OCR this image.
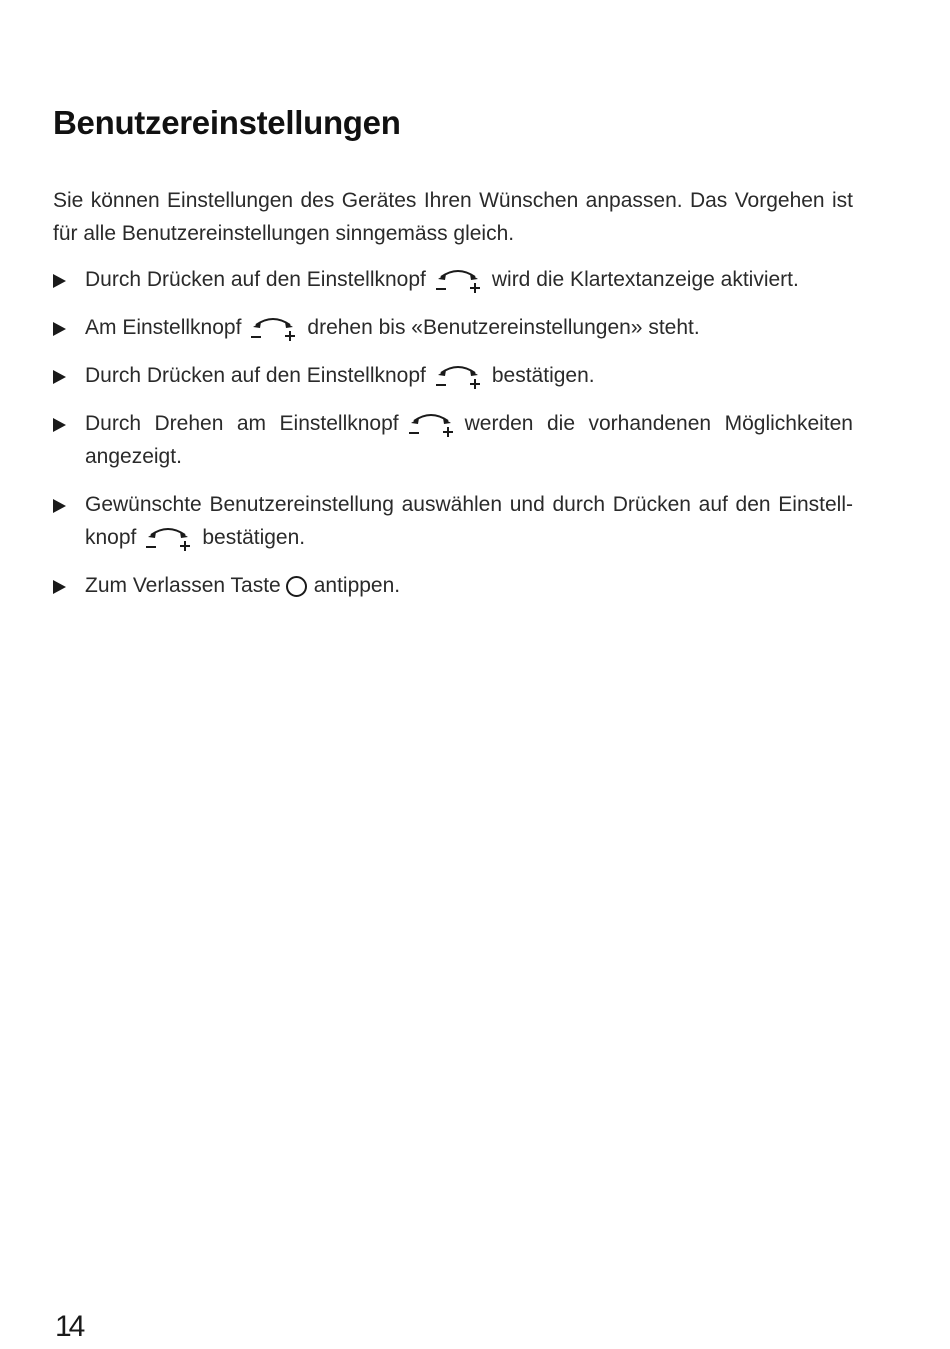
Benutzereinstellungen

Sie können Einstellungen des Gerätes Ihren Wünschen anpassen. Das Vorgehen ist für alle Benutzereinstellungen sinngemäss gleich.

Durch Drücken auf den Einstellknopf	wird die Klartextanzeige aktiviert.
Am Einstellknopf	drehen bis «Benutzereinstellungen» steht.
Durch Drücken auf den Einstellknopf	bestätigen.
Durch Drehen am Einstellknopf	werden die vorhandenen Möglichkeiten angezeigt.
Gewünschte Benutzereinstellung auswählen und durch Drücken auf den Einstell-knopf	bestätigen.
Zum Verlassen Taste antippen.
14
